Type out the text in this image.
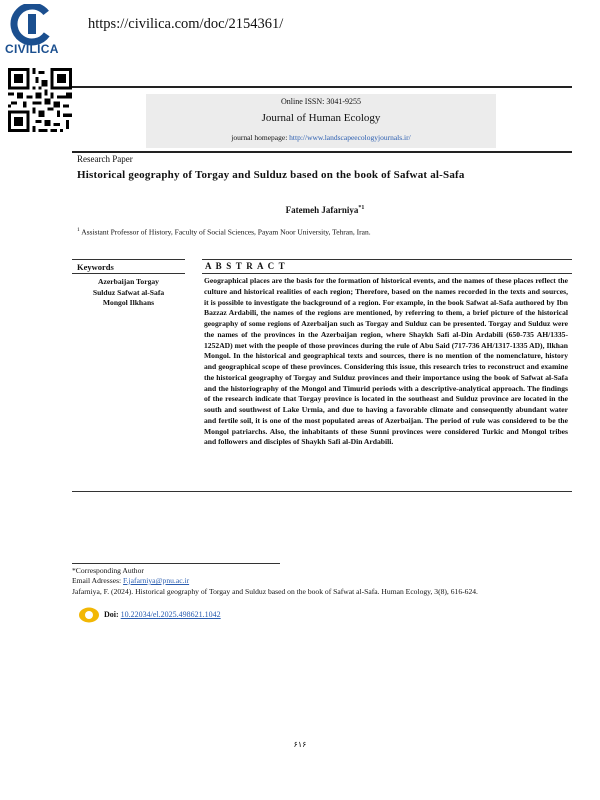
CIVILICA
https://civilica.com/doc/2154361/
Online ISSN: 3041-9255
Journal of Human Ecology
journal homepage: http://www.landscapeecologyjournals.ir/
Research Paper
Historical geography of Torgay and Sulduz based on the book of Safwat al-Safa
Fatemeh Jafarniya$^{*1}$
$^1$ Assistant Professor of History, Faculty of Social Sciences, Payam Noor University, Tehran, Iran.
Keywords	A B S T R A C T
Azerbaijan Torgay
Sulduz Safwat al-Safa
Mongol Ilkhans
Geographical places are the basis for the formation of historical events, and the names of these places reflect the culture and historical realities of each region; Therefore, based on the names recorded in the texts and sources, it is possible to investigate the background of a region. For example, in the book Safwat al-Safa authored by Ibn Bazzaz Ardabili, the names of the regions are mentioned, by referring to them, a brief picture of the historical geography of some regions of Azerbaijan such as Torgay and Sulduz can be presented. Torgay and Sulduz were the names of the provinces in the Azerbaijan region, where Shaykh Safi al-Din Ardabili (650-735 AH/1335-1252AD) met with the people of those provinces during the rule of Abu Said (717-736 AH/1317-1335 AD), Ilkhan Mongol. In the historical and geographical texts and sources, there is no mention of the nomenclature, history and geographical scope of these provinces. Considering this issue, this research tries to reconstruct and examine the historical geography of Torgay and Sulduz provinces and their importance using the book of Safwat al-Safa and the historiography of the Mongol and Timurid periods with a descriptive-analytical approach. The findings of the research indicate that Torgay province is located in the southeast and Sulduz province are located in the south and southwest of Lake Urmia, and due to having a favorable climate and consequently abundant water and fertile soil, it is one of the most populated areas of Azerbaijan. The period of rule was considered to be the Mongol patriarchs. Also, the inhabitants of these Sunni provinces were considered Turkic and Mongol tribes and followers and disciples of Shaykh Safi al-Din Ardabili.
*Corresponding Author
Email Adresses: F.jafarniya@pnu.ac.ir
Jafarniya, F. (2024). Historical geography of Torgay and Sulduz based on the book of Safwat al-Safa. Human Ecology, 3(8), 616-624.
Doi: 10.22034/el.2025.498621.1042
۶۱۶
